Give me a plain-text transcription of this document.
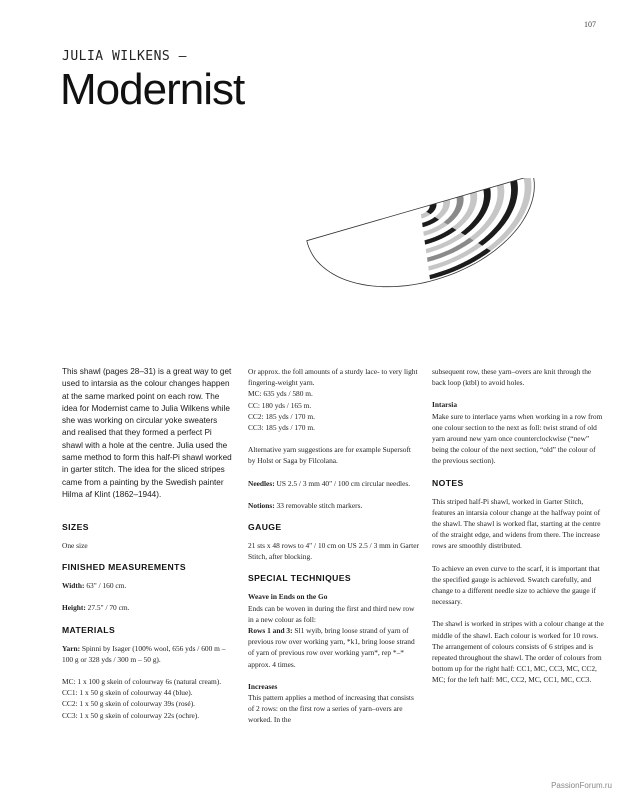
107
JULIA WILKENS —
Modernist
This shawl (pages 28–31) is a great way to get used to intarsia as the colour changes happen at the same marked point on each row. The idea for Modernist came to Julia Wilkens while she was working on circular yoke sweaters and realised that they formed a perfect Pi shawl with a hole at the centre. Julia used the same method to form this half-Pi shawl worked in garter stitch. The idea for the sliced stripes came from a painting by the Swedish painter Hilma af Klint (1862–1944).
SIZES

One size

FINISHED MEASUREMENTS

Width: 63" / 160 cm.

Height: 27.5" / 70 cm.

MATERIALS

Yarn: Spinni by Isager (100% wool, 656 yds / 600 m – 100 g or 328 yds / 300 m – 50 g).

MC: 1 x 100 g skein of colourway 6s (natural cream).

CC1: 1 x 50 g skein of colourway 44 (blue).

CC2: 1 x 50 g skein of colourway 39s (rosé).

CC3: 1 x 50 g skein of colourway 22s (ochre).

Or approx. the foll amounts of a sturdy lace- to very light fingering-weight yarn.

MC: 635 yds / 580 m.

CC: 180 yds / 165 m.

CC2: 185 yds / 170 m.

CC3: 185 yds / 170 m.

Alternative yarn suggestions are for example Supersoft by Holst or Saga by Filcolana.

Needles: US 2.5 / 3 mm 40" / 100 cm circular needles.

Notions: 33 removable stitch markers.

GAUGE

21 sts x 48 rows to 4" / 10 cm on US 2.5 / 3 mm in Garter Stitch, after blocking.

SPECIAL TECHNIQUES

Weave in Ends on the Go

Ends can be woven in during the first and third new row in a new colour as foll:

Rows 1 and 3: Sl1 wyib, bring loose strand of yarn of previous row over working yarn, *k1, bring loose strand of yarn of previous row over working yarn*, rep *–* approx. 4 times.

Increases

This pattern applies a method of increasing that consists of 2 rows: on the first row a series of yarn–overs are worked. In the

subsequent row, these yarn–overs are knit through the back loop (ktbl) to avoid holes.

Intarsia

Make sure to interlace yarns when working in a row from one colour section to the next as foll: twist strand of old yarn around new yarn once counterclockwise (“new” being the colour of the next section, “old” the colour of the previous section).

NOTES

This striped half-Pi shawl, worked in Garter Stitch, features an intarsia colour change at the halfway point of the shawl. The shawl is worked flat, starting at the centre of the straight edge, and widens from there. The increase rows are smoothly distributed.

To achieve an even curve to the scarf, it is important that the specified gauge is achieved. Swatch carefully, and change to a different needle size to achieve the gauge if necessary.

The shawl is worked in stripes with a colour change at the middle of the shawl. Each colour is worked for 10 rows. The arrangement of colours consists of 6 stripes and is repeated throughout the shawl. The order of colours from bottom up for the right half: CC1, MC, CC3, MC, CC2, MC; for the left half: MC, CC2, MC, CC1, MC, CC3.

PassionForum.ru
